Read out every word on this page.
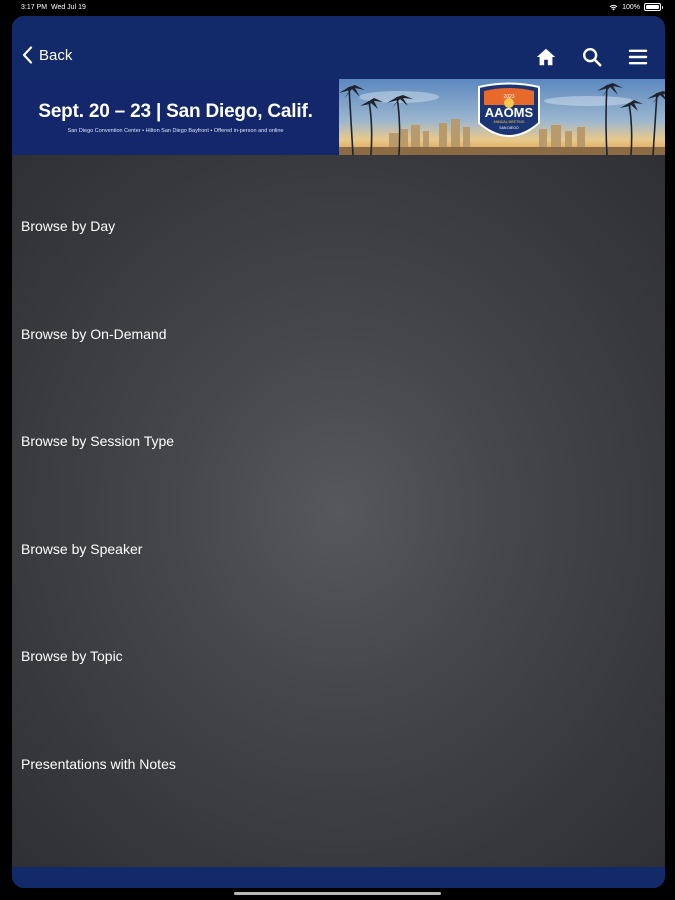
3:17 PM Wed Jul 19	100%
Back
Sept. 20 – 23 | San Diego, Calif.
San Diego Convention Center • Hilton San Diego Bayfront • Offered in-person and online
2023
AAOMS
ANNUAL MEETING
SAN DIEGO
Browse by Day
Browse by On-Demand
Browse by Session Type
Browse by Speaker
Browse by Topic
Presentations with Notes
